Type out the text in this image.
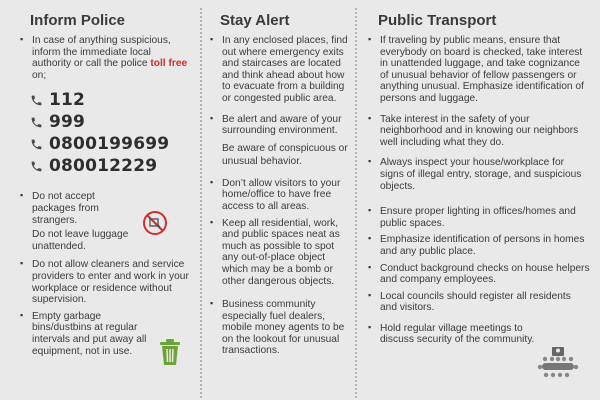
Inform Police

▪ In case of anything suspicious, inform the immediate local authority or call the police toll free on;

112
999
0800199699
080012229

▪ Do not accept packages from strangers.

Do not leave luggage unattended.

▪ Do not allow cleaners and service providers to enter and work in your workplace or residence without supervision.

▪ Empty garbage bins/dustbins at regular intervals and put away all equipment, not in use.

Stay Alert

▪ In any enclosed places, find out where emergency exits and staircases are located and think ahead about how to evacuate from a building or congested public area.

▪ Be alert and aware of your surrounding environment.

Be aware of conspicuous or unusual behavior.

▪ Don’t allow visitors to your home/office to have free access to all areas.

▪ Keep all residential, work, and public spaces neat as much as possible to spot any out-of-place object which may be a bomb or other dangerous objects.

▪ Business community especially fuel dealers, mobile money agents to be on the lookout for unusual transactions.

Public Transport

▪ If traveling by public means, ensure that everybody on board is checked, take interest in unattended luggage, and take cognizance of unusual behavior of fellow passengers or anything unusual. Emphasize identification of persons and luggage.

▪ Take interest in the safety of your neighborhood and in knowing our neighbors well including what they do.

▪ Always inspect your house/workplace for signs of illegal entry, storage, and suspicious objects.

▪ Ensure proper lighting in offices/homes and public spaces.

▪ Emphasize identification of persons in homes and any public place.

▪ Conduct background checks on house helpers and company employees.

▪ Local councils should register all residents and visitors.

▪ Hold regular village meetings to discuss security of the community.
